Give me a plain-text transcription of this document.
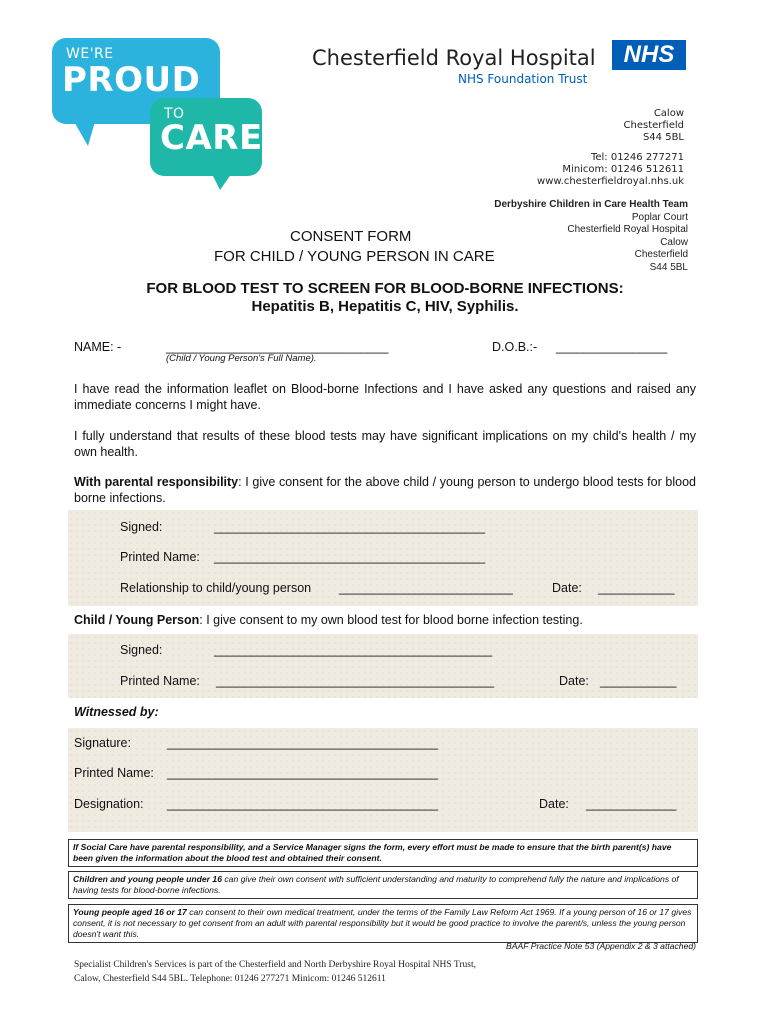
WE'RE
PROUD
TO
CARE
Chesterfield Royal Hospital	NHS
NHS Foundation Trust
Calow
Chesterfield
S44 5BL
Tel: 01246 277271
Minicom: 01246 512611
www.chesterfieldroyal.nhs.uk
Derbyshire Children in Care Health Team
Poplar Court
Chesterfield Royal Hospital
Calow
Chesterfield
S44 5BL
CONSENT FORM
FOR CHILD / YOUNG PERSON IN CARE
FOR BLOOD TEST TO SCREEN FOR BLOOD-BORNE INFECTIONS:
Hepatitis B, Hepatitis C, HIV, Syphilis.
NAME: -	________________________________	D.O.B.:- ________________
(Child / Young Person's Full Name).
I have read the information leaflet on Blood-borne Infections and I have asked any questions and raised any immediate concerns I might have.
I fully understand that results of these blood tests may have significant implications on my child's health / my own health.
With parental responsibility: I give consent for the above child / young person to undergo blood tests for blood borne infections.
Signed:	_______________________________________
Printed Name: _______________________________________
Relationship to child/young person _________________________	Date: ___________
Child / Young Person: I give consent to my own blood test for blood borne infection testing.
Signed:	________________________________________
Printed Name: ________________________________________	Date: ___________
Witnessed by:
Signature:	_______________________________________
Printed Name: _______________________________________
Designation: _______________________________________	Date: _____________
If Social Care have parental responsibility, and a Service Manager signs the form, every effort must be made to ensure that the birth parent(s) have been given the information about the blood test and obtained their consent.
Children and young people under 16 can give their own consent with sufficient understanding and maturity to comprehend fully the nature and implications of having tests for blood-borne infections.
Young people aged 16 or 17 can consent to their own medical treatment, under the terms of the Family Law Reform Act 1969. If a young person of 16 or 17 gives consent, it is not necessary to get consent from an adult with parental responsibility but it would be good practice to involve the parent/s, unless the young person doesn't want this.
BAAF Practice Note 53 (Appendix 2 & 3 attached)
Specialist Children's Services is part of the Chesterfield and North Derbyshire Royal Hospital NHS Trust,
Calow, Chesterfield S44 5BL. Telephone: 01246 277271 Minicom: 01246 512611
